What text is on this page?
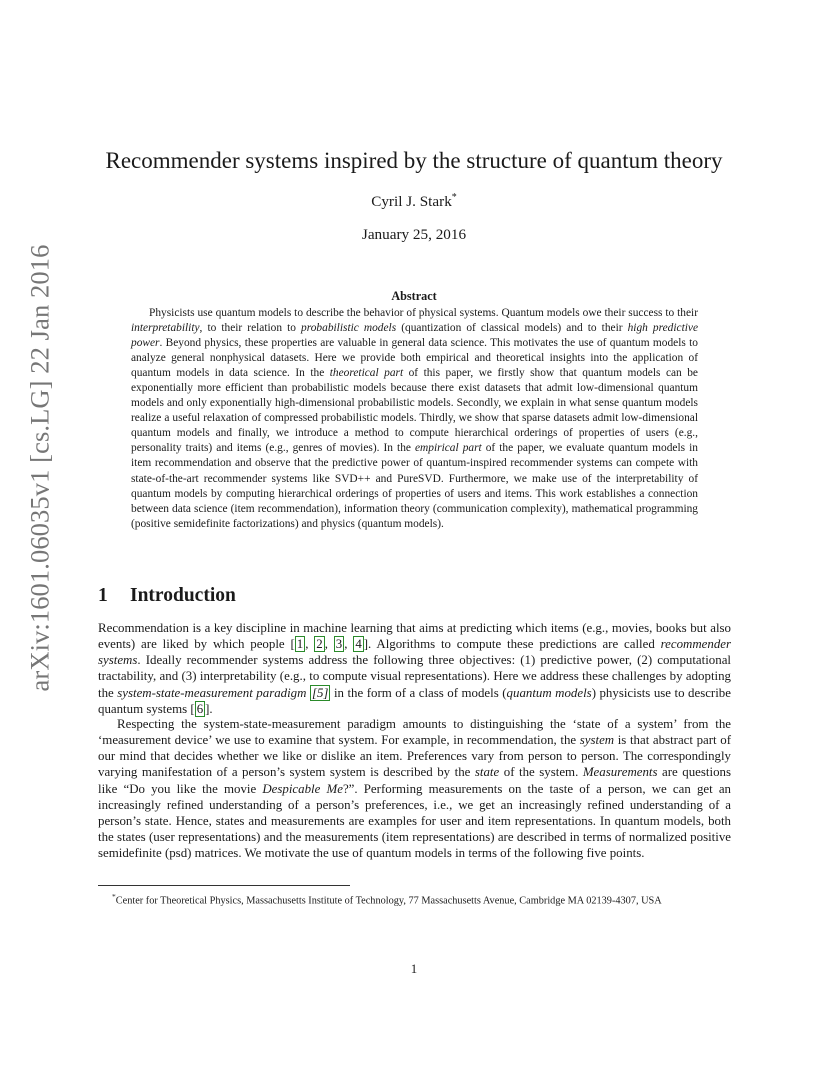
arXiv:1601.06035v1 [cs.LG] 22 Jan 2016
Recommender systems inspired by the structure of quantum theory
Cyril J. Stark*
January 25, 2016
Abstract

Physicists use quantum models to describe the behavior of physical systems. Quantum models owe their success to their interpretability, to their relation to probabilistic models (quantization of classical models) and to their high predictive power. Beyond physics, these properties are valuable in general data science. This motivates the use of quantum models to analyze general nonphysical datasets. Here we provide both empirical and theoretical insights into the application of quantum models in data science. In the theoretical part of this paper, we firstly show that quantum models can be exponentially more efficient than probabilistic models because there exist datasets that admit low-dimensional quantum models and only exponentially high-dimensional probabilistic models. Secondly, we explain in what sense quantum models realize a useful relaxation of compressed probabilistic models. Thirdly, we show that sparse datasets admit low-dimensional quantum models and finally, we introduce a method to compute hierarchical orderings of properties of users (e.g., personality traits) and items (e.g., genres of movies). In the empirical part of the paper, we evaluate quantum models in item recommendation and observe that the predictive power of quantum-inspired recommender systems can compete with state-of-the-art recommender systems like SVD++ and PureSVD. Furthermore, we make use of the interpretability of quantum models by computing hierarchical orderings of properties of users and items. This work establishes a connection between data science (item recommendation), information theory (communication complexity), mathematical programming (positive semidefinite factorizations) and physics (quantum models).

1 Introduction

Recommendation is a key discipline in machine learning that aims at predicting which items (e.g., movies, books but also events) are liked by which people [ 1 , 2 , 3 , 4 ]. Algorithms to compute these predictions are called recommender systems. Ideally recommender systems address the following three objectives: (1) predictive power, (2) computational tractability, and (3) interpretability (e.g., to compute visual representations). Here we address these challenges by adopting the system-state-measurement paradigm [5] in the form of a class of models (quantum models) physicists use to describe quantum systems [ 6 ].

Respecting the system-state-measurement paradigm amounts to distinguishing the ‘state of a system’ from the ‘measurement device’ we use to examine that system. For example, in recommendation, the system is that abstract part of our mind that decides whether we like or dislike an item. Preferences vary from person to person. The correspondingly varying manifestation of a person’s system system is described by the state of the system. Measurements are questions like “Do you like the movie Despicable Me?”. Performing measurements on the taste of a person, we can get an increasingly refined understanding of a person’s preferences, i.e., we get an increasingly refined understanding of a person’s state. Hence, states and measurements are examples for user and item representations. In quantum models, both the states (user representations) and the measurements (item representations) are described in terms of normalized positive semidefinite (psd) matrices. We motivate the use of quantum models in terms of the following five points.

*Center for Theoretical Physics, Massachusetts Institute of Technology, 77 Massachusetts Avenue, Cambridge MA 02139-4307, USA

1
